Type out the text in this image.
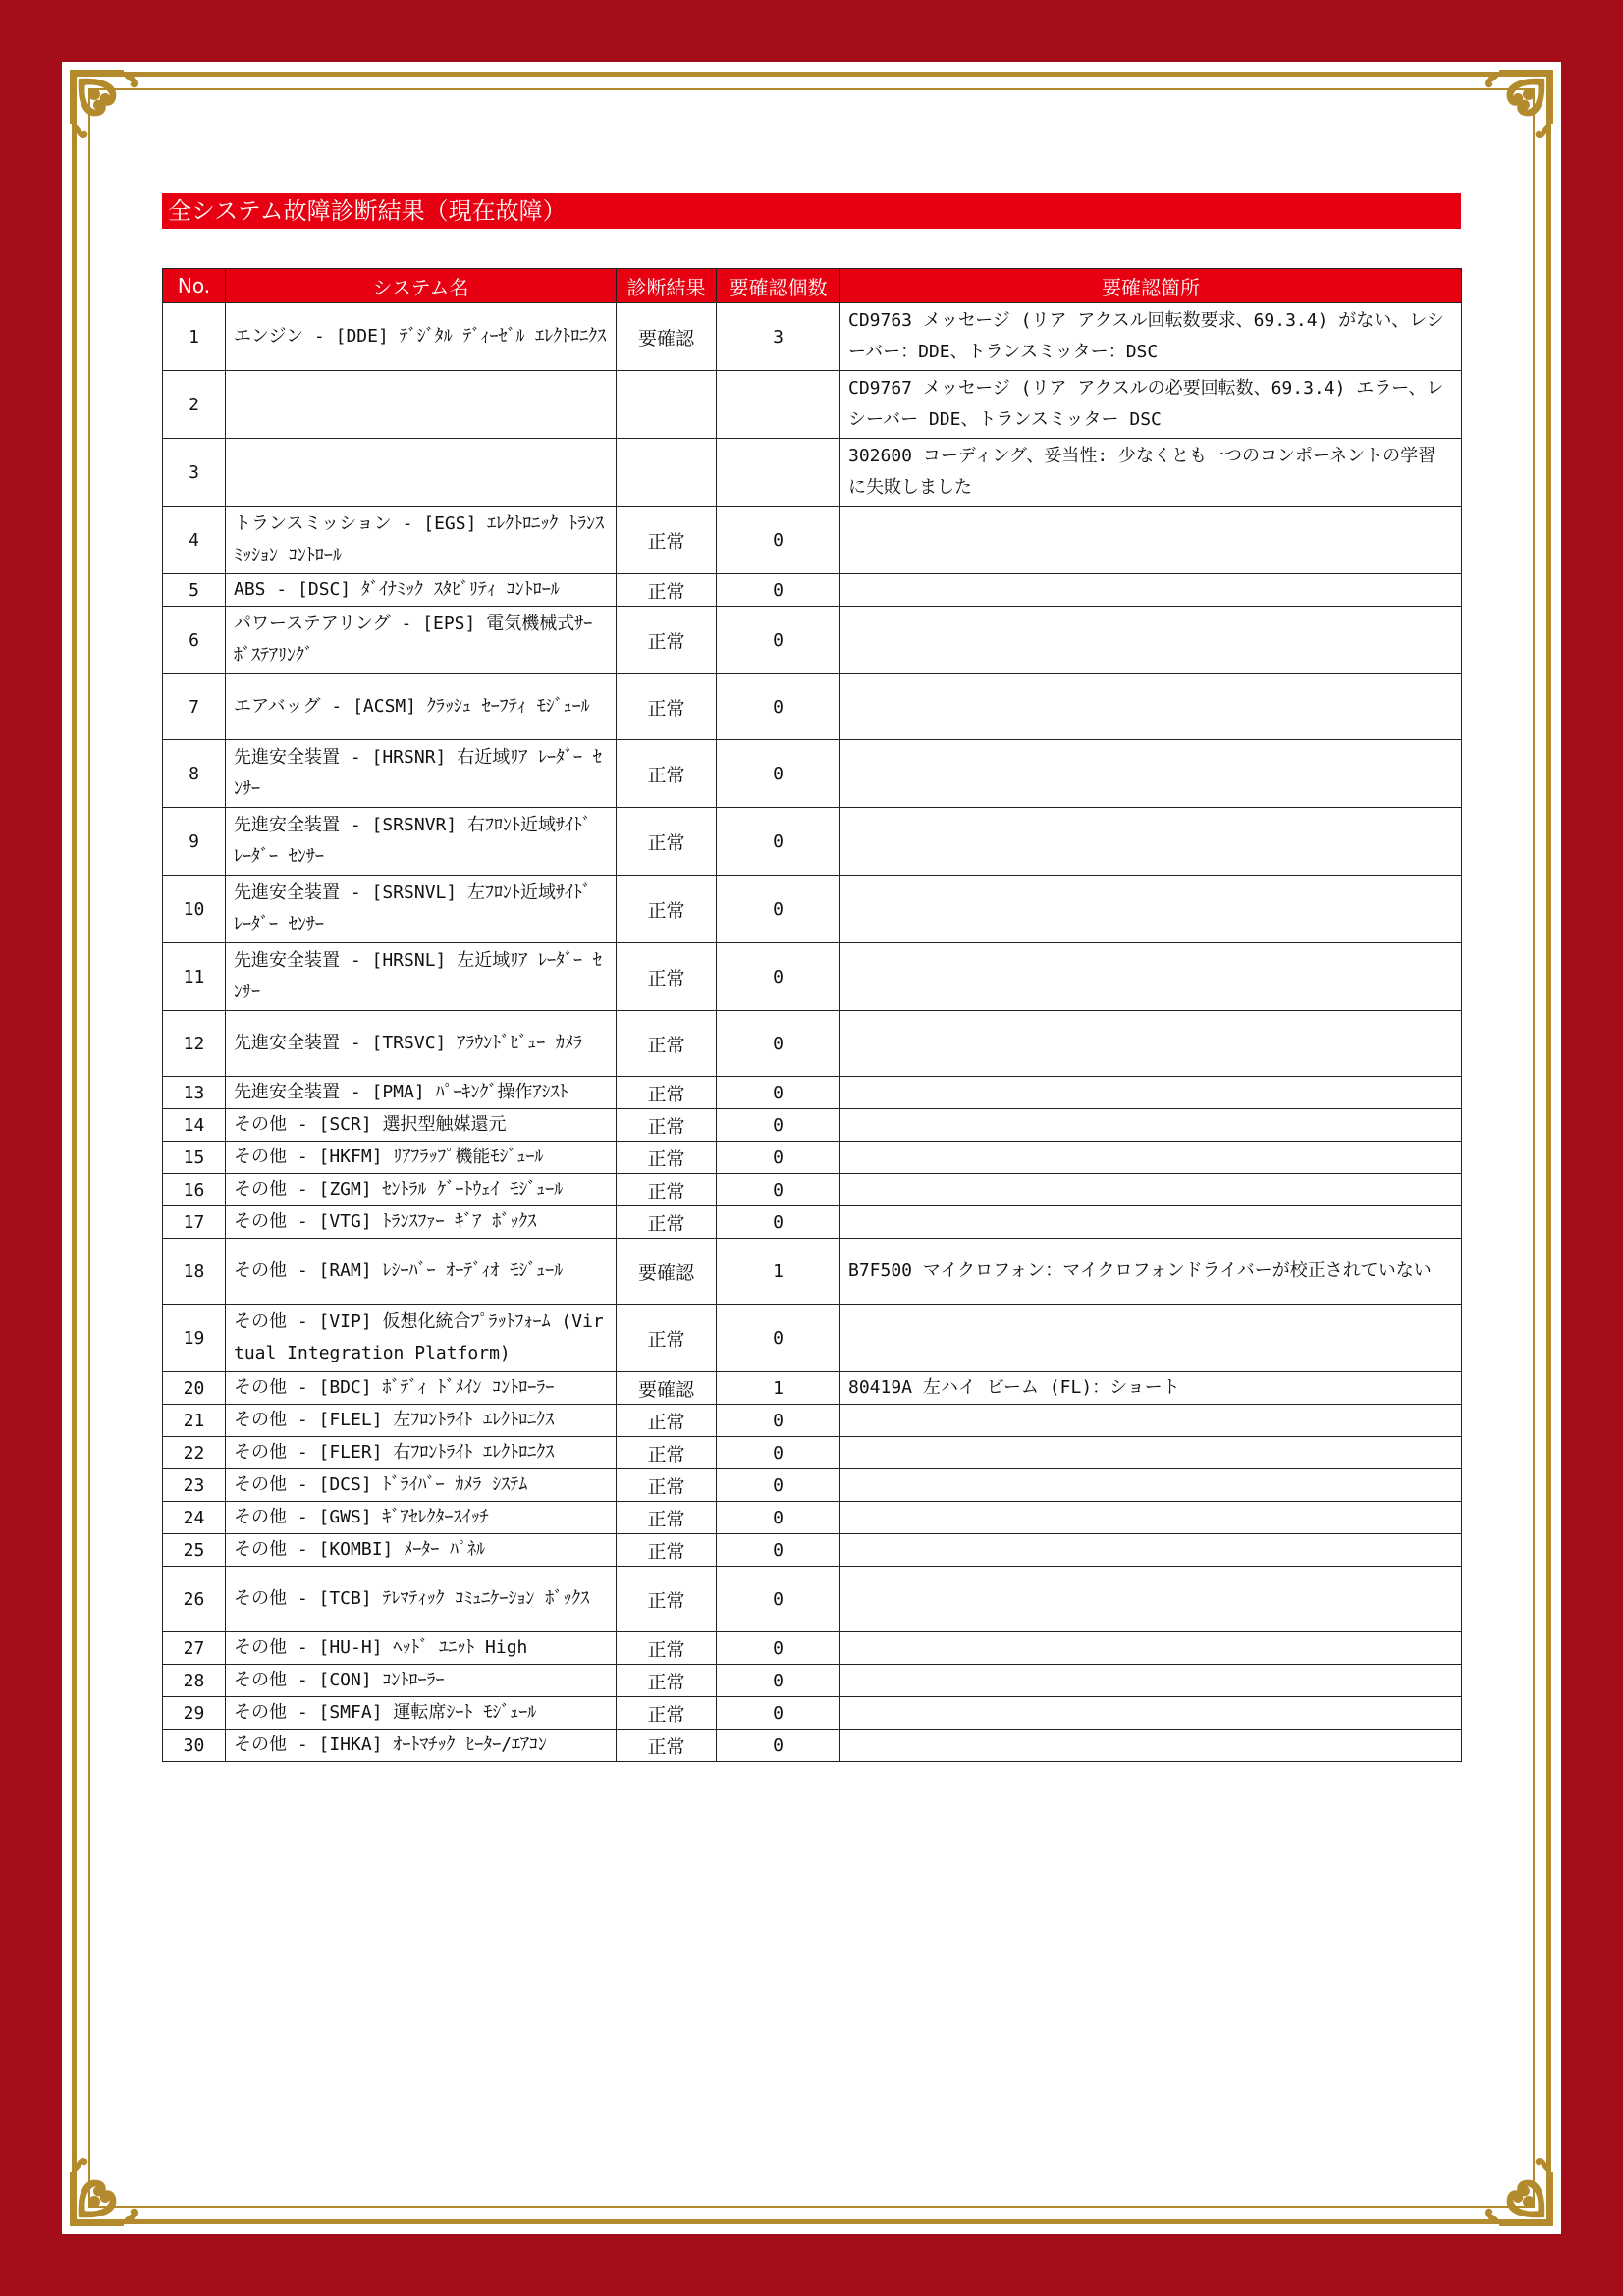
全システム故障診断結果（現在故障）
No.	システム名	診断結果	要確認個数	要確認箇所
1	エンジン - [DDE] ﾃﾞｼﾞﾀﾙ ﾃﾞｨｰｾﾞﾙ ｴﾚｸﾄﾛﾆｸｽ	要確認	3	CD9763 メッセージ (リア アクスル回転数要求、69.3.4) がない、レシーバー：DDE、トランスミッター：DSC
2				CD9767 メッセージ (リア アクスルの必要回転数、69.3.4) エラー、レシーバー DDE、トランスミッター DSC
3				302600 コーディング、妥当性: 少なくとも一つのコンポーネントの学習に失敗しました
4	トランスミッション - [EGS] ｴﾚｸﾄﾛﾆｯｸ ﾄﾗﾝｽﾐｯｼｮﾝ ｺﾝﾄﾛｰﾙ	正常	0	
5	ABS - [DSC] ﾀﾞｲﾅﾐｯｸ ｽﾀﾋﾞﾘﾃｨ ｺﾝﾄﾛｰﾙ	正常	0	
6	パワーステアリング - [EPS] 電気機械式ｻｰﾎﾞｽﾃｱﾘﾝｸﾞ	正常	0	
7	エアバッグ - [ACSM] ｸﾗｯｼｭ ｾｰﾌﾃｨ ﾓｼﾞｭｰﾙ	正常	0	
8	先進安全装置 - [HRSNR] 右近域ﾘｱ ﾚｰﾀﾞｰ ｾﾝｻｰ	正常	0	
9	先進安全装置 - [SRSNVR] 右ﾌﾛﾝﾄ近域ｻｲﾄﾞ ﾚｰﾀﾞｰ ｾﾝｻｰ	正常	0	
10	先進安全装置 - [SRSNVL] 左ﾌﾛﾝﾄ近域ｻｲﾄﾞ ﾚｰﾀﾞｰ ｾﾝｻｰ	正常	0	
11	先進安全装置 - [HRSNL] 左近域ﾘｱ ﾚｰﾀﾞｰ ｾﾝｻｰ	正常	0	
12	先進安全装置 - [TRSVC] ｱﾗｳﾝﾄﾞﾋﾞｭｰ ｶﾒﾗ	正常	0	
13	先進安全装置 - [PMA] ﾊﾟｰｷﾝｸﾞ操作ｱｼｽﾄ	正常	0	
14	その他 - [SCR] 選択型触媒還元	正常	0	
15	その他 - [HKFM] ﾘｱﾌﾗｯﾌﾟ機能ﾓｼﾞｭｰﾙ	正常	0	
16	その他 - [ZGM] ｾﾝﾄﾗﾙ ｹﾞｰﾄｳｪｲ ﾓｼﾞｭｰﾙ	正常	0	
17	その他 - [VTG] ﾄﾗﾝｽﾌｧｰ ｷﾞｱ ﾎﾞｯｸｽ	正常	0	
18	その他 - [RAM] ﾚｼｰﾊﾞｰ ｵｰﾃﾞｨｵ ﾓｼﾞｭｰﾙ	要確認	1	B7F500 マイクロフォン：マイクロフォンドライバーが校正されていない
19	その他 - [VIP] 仮想化統合ﾌﾟﾗｯﾄﾌｫｰﾑ (Virtual Integration Platform)	正常	0	
20	その他 - [BDC] ﾎﾞﾃﾞｨ ﾄﾞﾒｲﾝ ｺﾝﾄﾛｰﾗｰ	要確認	1	80419A 左ハイ ビーム (FL)：ショート
21	その他 - [FLEL] 左ﾌﾛﾝﾄﾗｲﾄ ｴﾚｸﾄﾛﾆｸｽ	正常	0	
22	その他 - [FLER] 右ﾌﾛﾝﾄﾗｲﾄ ｴﾚｸﾄﾛﾆｸｽ	正常	0	
23	その他 - [DCS] ﾄﾞﾗｲﾊﾞｰ ｶﾒﾗ ｼｽﾃﾑ	正常	0	
24	その他 - [GWS] ｷﾞｱｾﾚｸﾀｰｽｲｯﾁ	正常	0	
25	その他 - [KOMBI] ﾒｰﾀｰ ﾊﾟﾈﾙ	正常	0	
26	その他 - [TCB] ﾃﾚﾏﾃｨｯｸ ｺﾐｭﾆｹｰｼｮﾝ ﾎﾞｯｸｽ	正常	0	
27	その他 - [HU-H] ﾍｯﾄﾞ ﾕﾆｯﾄ High	正常	0	
28	その他 - [CON] ｺﾝﾄﾛｰﾗｰ	正常	0	
29	その他 - [SMFA] 運転席ｼｰﾄ ﾓｼﾞｭｰﾙ	正常	0	
30	その他 - [IHKA] ｵｰﾄﾏﾁｯｸ ﾋｰﾀｰ/ｴｱｺﾝ	正常	0	
